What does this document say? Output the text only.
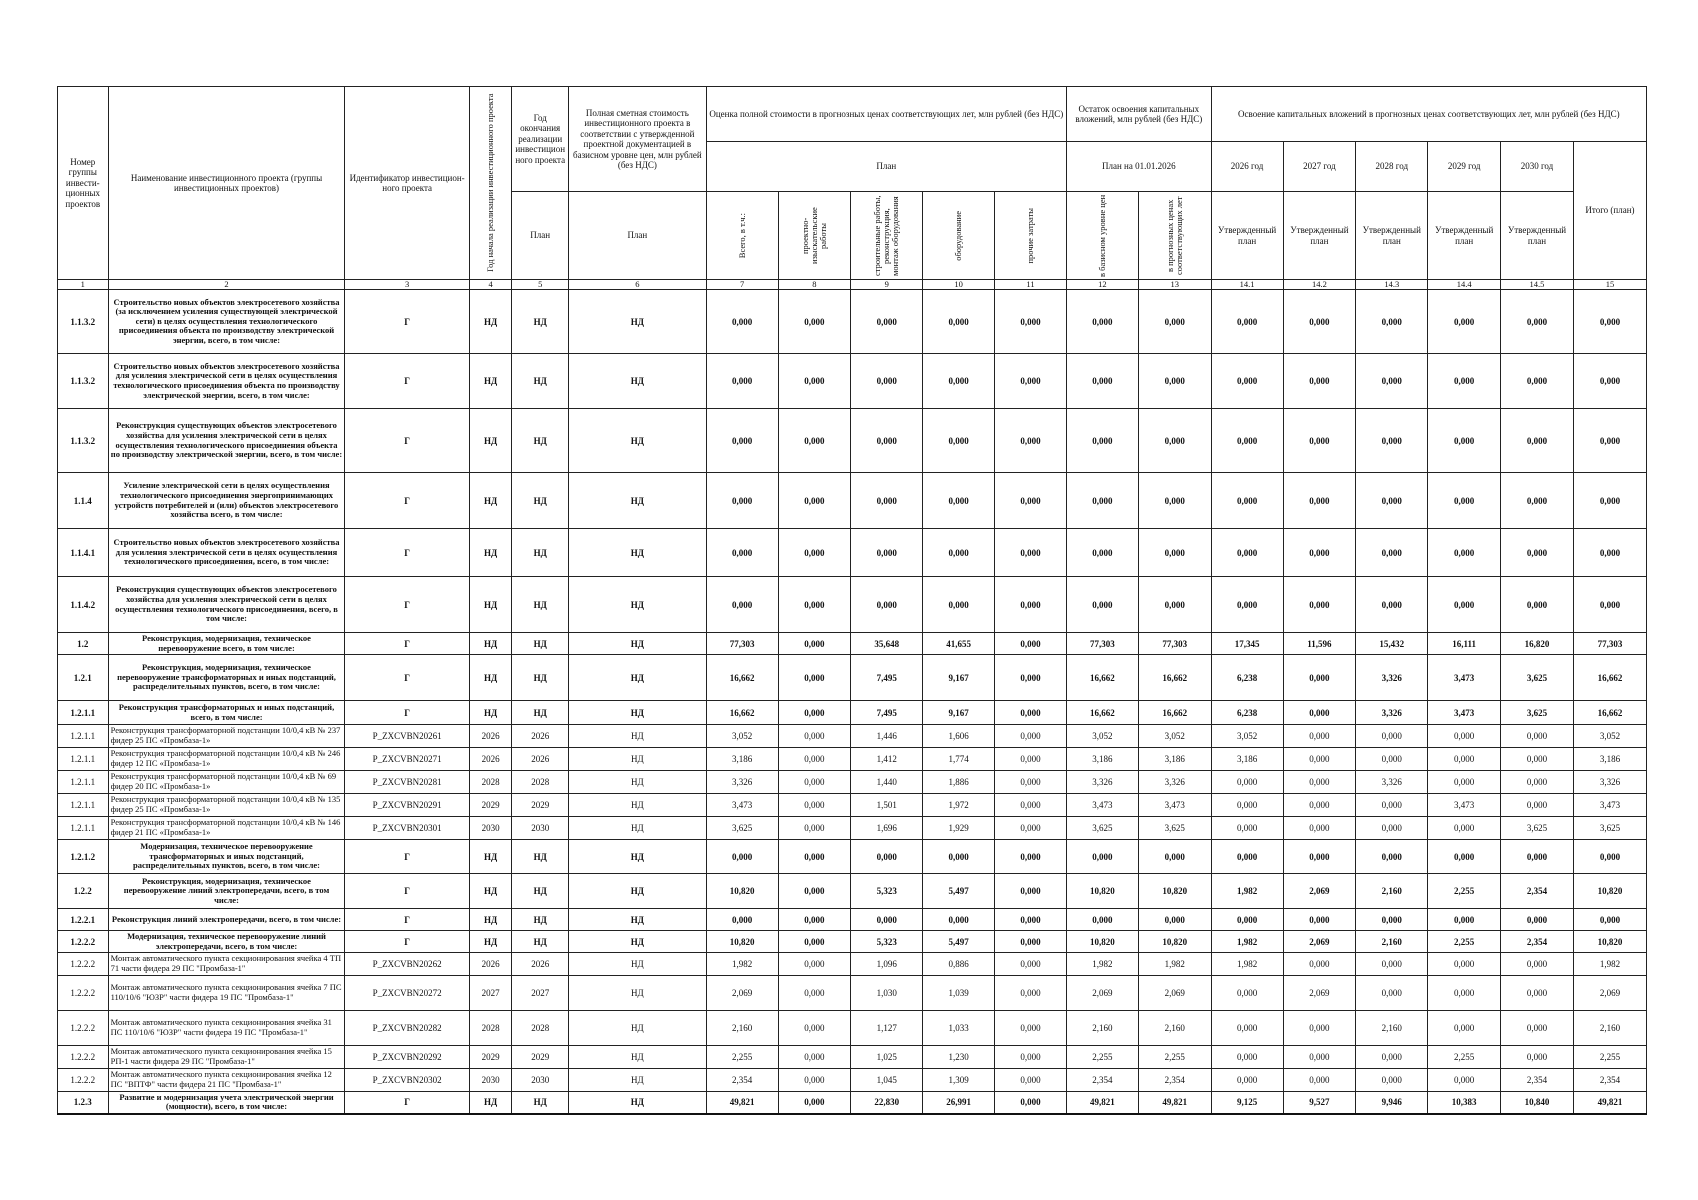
Номер группы инвести-ционных проектов	Наименование инвестиционного проекта (группы инвестиционных проектов)	Идентификатор инвестицион-ного проекта	Год начала реализации инвестиционного проекта	Год окончания реализации инвестицион ного проекта	Полная сметная стоимость инвестиционного проекта в соответствии с утвержденной проектной документацией в базисном уровне цен, млн рублей (без НДС)	Оценка полной стоимости в прогнозных ценах соответствующих лет, млн рублей (без НДС)					Остаток освоения капитальных вложений, млн рублей (без НДС)		Освоение капитальных вложений в прогнозных ценах соответствующих лет, млн рублей (без НДС)					
						План					План на 01.01.2026		2026 год	2027 год	2028 год	2029 год	2030 год	Итого (план)
				План	План	Всего, в т.ч.:	проектно-изыскательские работы	строительные работы, реконструкция, монтаж оборудования	оборудование	прочие затраты	в базисном уровне цен	в прогнозных ценах соответствующих лет	Утвержденный план	Утвержденный план	Утвержденный план	Утвержденный план	Утвержденный план	
1	2	3	4	5	6	7	8	9	10	11	12	13	14.1	14.2	14.3	14.4	14.5	15
1.1.3.2	Строительство новых объектов электросетевого хозяйства (за исключением усиления существующей электрической сети) в целях осуществления технологического присоединения объекта по производству электрической энергии, всего, в том числе:	Г	НД	НД	НД	0,000	0,000	0,000	0,000	0,000	0,000	0,000	0,000	0,000	0,000	0,000	0,000	0,000
1.1.3.2	Строительство новых объектов электросетевого хозяйства для усиления электрической сети в целях осуществления технологического присоединения объекта по производству электрической энергии, всего, в том числе:	Г	НД	НД	НД	0,000	0,000	0,000	0,000	0,000	0,000	0,000	0,000	0,000	0,000	0,000	0,000	0,000
1.1.3.2	Реконструкция существующих объектов электросетевого хозяйства для усиления электрической сети в целях осуществления технологического присоединения объекта по производству электрической энергии, всего, в том числе:	Г	НД	НД	НД	0,000	0,000	0,000	0,000	0,000	0,000	0,000	0,000	0,000	0,000	0,000	0,000	0,000
1.1.4	Усиление электрической сети в целях осуществления технологического присоединения энергопринимающих устройств потребителей и (или) объектов электросетевого хозяйства всего, в том числе:	Г	НД	НД	НД	0,000	0,000	0,000	0,000	0,000	0,000	0,000	0,000	0,000	0,000	0,000	0,000	0,000
1.1.4.1	Строительство новых объектов электросетевого хозяйства для усиления электрической сети в целях осуществления технологического присоединения, всего, в том числе:	Г	НД	НД	НД	0,000	0,000	0,000	0,000	0,000	0,000	0,000	0,000	0,000	0,000	0,000	0,000	0,000
1.1.4.2	Реконструкция существующих объектов электросетевого хозяйства для усиления электрической сети в целях осуществления технологического присоединения, всего, в том числе:	Г	НД	НД	НД	0,000	0,000	0,000	0,000	0,000	0,000	0,000	0,000	0,000	0,000	0,000	0,000	0,000
1.2	Реконструкция, модернизация, техническое перевооружение всего, в том числе:	Г	НД	НД	НД	77,303	0,000	35,648	41,655	0,000	77,303	77,303	17,345	11,596	15,432	16,111	16,820	77,303
1.2.1	Реконструкция, модернизация, техническое перевооружение трансформаторных и иных подстанций, распределительных пунктов, всего, в том числе:	Г	НД	НД	НД	16,662	0,000	7,495	9,167	0,000	16,662	16,662	6,238	0,000	3,326	3,473	3,625	16,662
1.2.1.1	Реконструкция трансформаторных и иных подстанций, всего, в том числе:	Г	НД	НД	НД	16,662	0,000	7,495	9,167	0,000	16,662	16,662	6,238	0,000	3,326	3,473	3,625	16,662
1.2.1.1	Реконструкция трансформаторной подстанции 10/0,4 кВ № 237 фидер 25 ПС «Промбаза-1»	P_ZXCVBN20261	2026	2026	НД	3,052	0,000	1,446	1,606	0,000	3,052	3,052	3,052	0,000	0,000	0,000	0,000	3,052
1.2.1.1	Реконструкция трансформаторной подстанции 10/0,4 кВ № 246 фидер 12 ПС «Промбаза-1»	P_ZXCVBN20271	2026	2026	НД	3,186	0,000	1,412	1,774	0,000	3,186	3,186	3,186	0,000	0,000	0,000	0,000	3,186
1.2.1.1	Реконструкция трансформаторной подстанции 10/0,4 кВ № 69 фидер 20 ПС «Промбаза-1»	P_ZXCVBN20281	2028	2028	НД	3,326	0,000	1,440	1,886	0,000	3,326	3,326	0,000	0,000	3,326	0,000	0,000	3,326
1.2.1.1	Реконструкция трансформаторной подстанции 10/0,4 кВ № 135 фидер 25 ПС «Промбаза-1»	P_ZXCVBN20291	2029	2029	НД	3,473	0,000	1,501	1,972	0,000	3,473	3,473	0,000	0,000	0,000	3,473	0,000	3,473
1.2.1.1	Реконструкция трансформаторной подстанции 10/0,4 кВ № 146 фидер 21 ПС «Промбаза-1»	P_ZXCVBN20301	2030	2030	НД	3,625	0,000	1,696	1,929	0,000	3,625	3,625	0,000	0,000	0,000	0,000	3,625	3,625
1.2.1.2	Модернизация, техническое перевооружение трансформаторных и иных подстанций, распределительных пунктов, всего, в том числе:	Г	НД	НД	НД	0,000	0,000	0,000	0,000	0,000	0,000	0,000	0,000	0,000	0,000	0,000	0,000	0,000
1.2.2	Реконструкция, модернизация, техническое перевооружение линий электропередачи, всего, в том числе:	Г	НД	НД	НД	10,820	0,000	5,323	5,497	0,000	10,820	10,820	1,982	2,069	2,160	2,255	2,354	10,820
1.2.2.1	Реконструкция линий электропередачи, всего, в том числе:	Г	НД	НД	НД	0,000	0,000	0,000	0,000	0,000	0,000	0,000	0,000	0,000	0,000	0,000	0,000	0,000
1.2.2.2	Модернизация, техническое перевооружение линий электропередачи, всего, в том числе:	Г	НД	НД	НД	10,820	0,000	5,323	5,497	0,000	10,820	10,820	1,982	2,069	2,160	2,255	2,354	10,820
1.2.2.2	Монтаж автоматического пункта секционирования ячейка 4 ТП 71 части фидера 29 ПС "Промбаза-1"	P_ZXCVBN20262	2026	2026	НД	1,982	0,000	1,096	0,886	0,000	1,982	1,982	1,982	0,000	0,000	0,000	0,000	1,982
1.2.2.2	Монтаж автоматического пункта секционирования ячейка 7 ПС 110/10/6 "ЮЗР" части фидера 19 ПС "Промбаза-1"	P_ZXCVBN20272	2027	2027	НД	2,069	0,000	1,030	1,039	0,000	2,069	2,069	0,000	2,069	0,000	0,000	0,000	2,069
1.2.2.2	Монтаж автоматического пункта секционирования ячейка 31 ПС 110/10/6 "ЮЗР" части фидера 19 ПС "Промбаза-1"	P_ZXCVBN20282	2028	2028	НД	2,160	0,000	1,127	1,033	0,000	2,160	2,160	0,000	0,000	2,160	0,000	0,000	2,160
1.2.2.2	Монтаж автоматического пункта секционирования ячейка 15 РП-1 части фидера 29 ПС "Промбаза-1"	P_ZXCVBN20292	2029	2029	НД	2,255	0,000	1,025	1,230	0,000	2,255	2,255	0,000	0,000	0,000	2,255	0,000	2,255
1.2.2.2	Монтаж автоматического пункта секционирования ячейка 12 ПС "ВПТФ" части фидера 21 ПС "Промбаза-1"	P_ZXCVBN20302	2030	2030	НД	2,354	0,000	1,045	1,309	0,000	2,354	2,354	0,000	0,000	0,000	0,000	2,354	2,354
1.2.3	Развитие и модернизация учета электрической энергии (мощности), всего, в том числе:	Г	НД	НД	НД	49,821	0,000	22,830	26,991	0,000	49,821	49,821	9,125	9,527	9,946	10,383	10,840	49,821
